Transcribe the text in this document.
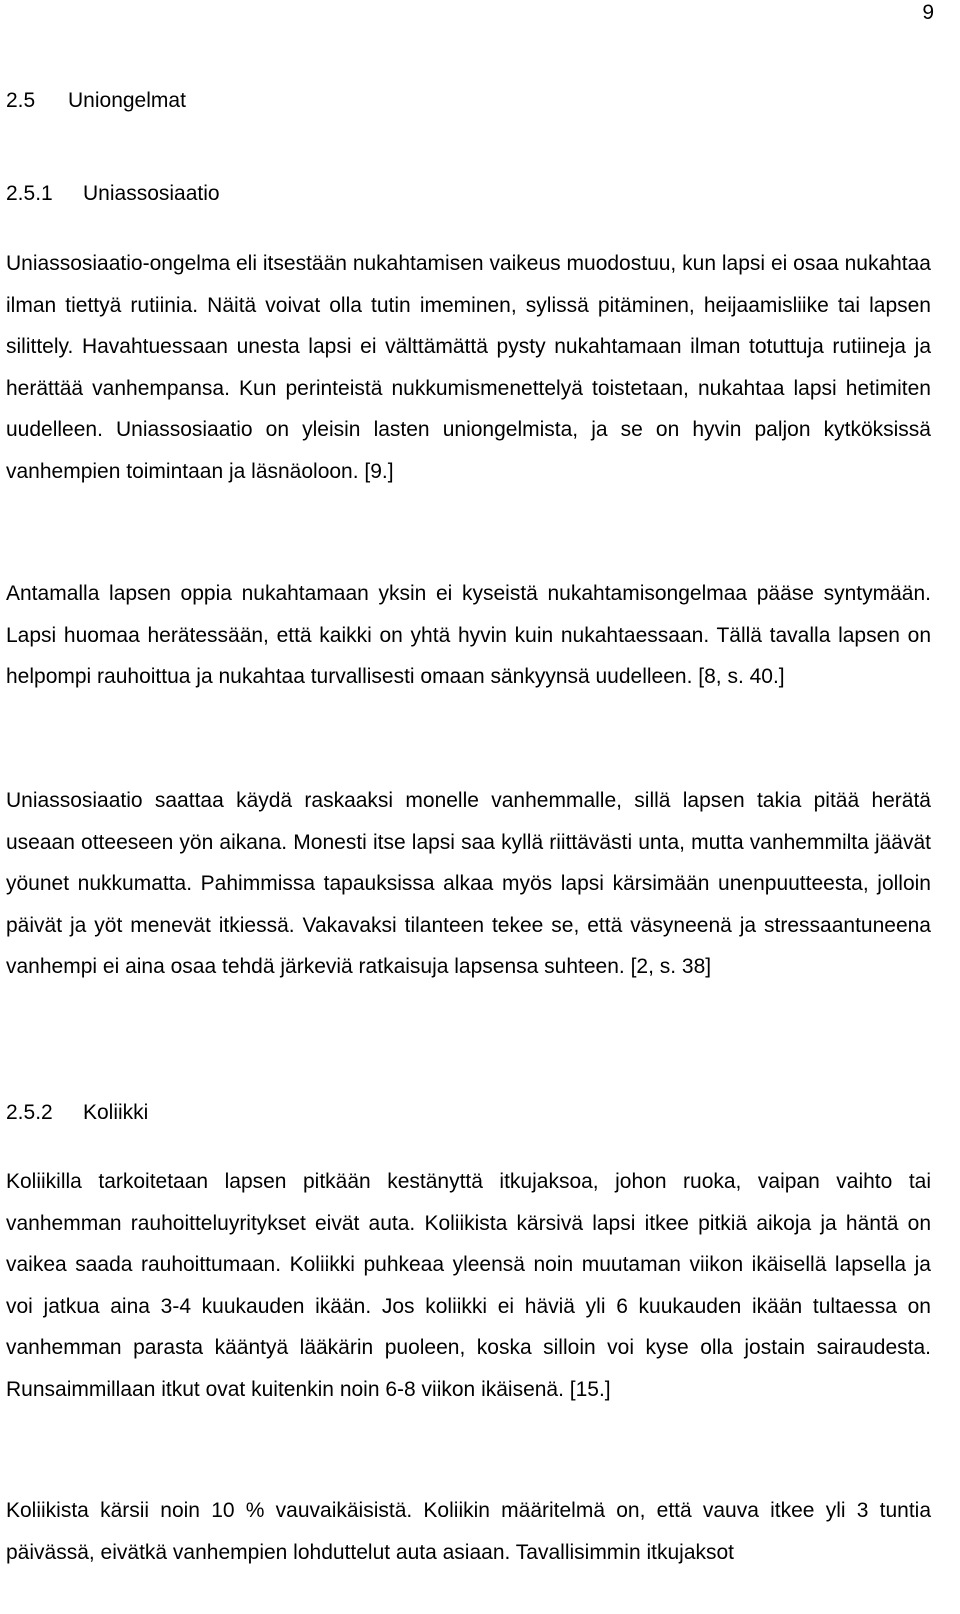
9
2.5 Uniongelmat
2.5.1 Uniassosiaatio

Uniassosiaatio-ongelma eli itsestään nukahtamisen vaikeus muodostuu, kun lapsi ei osaa nukahtaa ilman tiettyä rutiinia. Näitä voivat olla tutin imeminen, sylissä pitäminen, heijaamisliike tai lapsen silittely. Havahtuessaan unesta lapsi ei välttämättä pysty nukahtamaan ilman totuttuja rutiineja ja herättää vanhempansa. Kun perinteistä nukkumismenettelyä toistetaan, nukahtaa lapsi hetimiten uudelleen. Uniassosiaatio on yleisin lasten uniongelmista, ja se on hyvin paljon kytköksissä vanhempien toimintaan ja läsnäoloon. [9.]

Antamalla lapsen oppia nukahtamaan yksin ei kyseistä nukahtamisongelmaa pääse syntymään. Lapsi huomaa herätessään, että kaikki on yhtä hyvin kuin nukahtaessaan. Tällä tavalla lapsen on helpompi rauhoittua ja nukahtaa turvallisesti omaan sänkyynsä uudelleen. [8, s. 40.]

Uniassosiaatio saattaa käydä raskaaksi monelle vanhemmalle, sillä lapsen takia pitää herätä useaan otteeseen yön aikana. Monesti itse lapsi saa kyllä riittävästi unta, mutta vanhemmilta jäävät yöunet nukkumatta. Pahimmissa tapauksissa alkaa myös lapsi kärsimään unenpuutteesta, jolloin päivät ja yöt menevät itkiessä. Vakavaksi tilanteen tekee se, että väsyneenä ja stressaantuneena vanhempi ei aina osaa tehdä järkeviä ratkaisuja lapsensa suhteen. [2, s. 38]

2.5.2 Koliikki

Koliikilla tarkoitetaan lapsen pitkään kestänyttä itkujaksoa, johon ruoka, vaipan vaihto tai vanhemman rauhoitteluyritykset eivät auta. Koliikista kärsivä lapsi itkee pitkiä aikoja ja häntä on vaikea saada rauhoittumaan. Koliikki puhkeaa yleensä noin muutaman viikon ikäisellä lapsella ja voi jatkua aina 3-4 kuukauden ikään. Jos koliikki ei häviä yli 6 kuukauden ikään tultaessa on vanhemman parasta kääntyä lääkärin puoleen, koska silloin voi kyse olla jostain sairaudesta. Runsaimmillaan itkut ovat kuitenkin noin 6-8 viikon ikäisenä. [15.]

Koliikista kärsii noin 10 % vauvaikäisistä. Koliikin määritelmä on, että vauva itkee yli 3 tuntia päivässä, eivätkä vanhempien lohduttelut auta asiaan. Tavallisimmin itkujaksot
